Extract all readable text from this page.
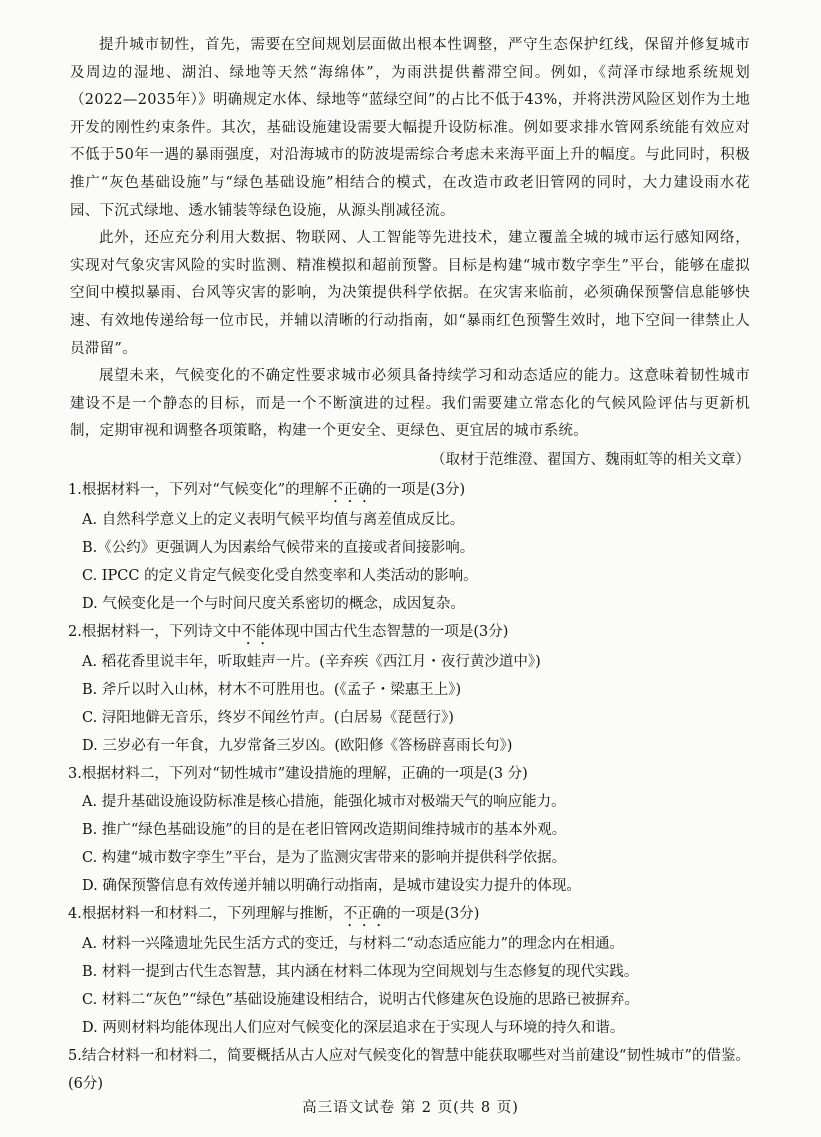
提升城市韧性，首先，需要在空间规划层面做出根本性调整，严守生态保护红线，保留并修复城市及周边的湿地、湖泊、绿地等天然“海绵体”，为雨洪提供蓄滞空间。例如，《菏泽市绿地系统规划（2022—2035年）》明确规定水体、绿地等“蓝绿空间”的占比不低于43%，并将洪涝风险区划作为土地开发的刚性约束条件。其次，基础设施建设需要大幅提升设防标准。例如要求排水管网系统能有效应对不低于50年一遇的暴雨强度，对沿海城市的防波堤需综合考虑未来海平面上升的幅度。与此同时，积极推广“灰色基础设施”与“绿色基础设施”相结合的模式，在改造市政老旧管网的同时，大力建设雨水花园、下沉式绿地、透水铺装等绿色设施，从源头削减径流。

此外，还应充分利用大数据、物联网、人工智能等先进技术，建立覆盖全城的城市运行感知网络，实现对气象灾害风险的实时监测、精准模拟和超前预警。目标是构建“城市数字孪生”平台，能够在虚拟空间中模拟暴雨、台风等灾害的影响，为决策提供科学依据。在灾害来临前，必须确保预警信息能够快速、有效地传递给每一位市民，并辅以清晰的行动指南，如“暴雨红色预警生效时，地下空间一律禁止人员滞留”。

展望未来，气候变化的不确定性要求城市必须具备持续学习和动态适应的能力。这意味着韧性城市建设不是一个静态的目标，而是一个不断演进的过程。我们需要建立常态化的气候风险评估与更新机制，定期审视和调整各项策略，构建一个更安全、更绿色、更宜居的城市系统。

（取材于范维澄、翟国方、魏雨虹等的相关文章）
1.根据材料一，下列对“气候变化”的理解不正确的一项是(3分)
A. 自然科学意义上的定义表明气候平均值与离差值成反比。
B.《公约》更强调人为因素给气候带来的直接或者间接影响。
C. IPCC 的定义肯定气候变化受自然变率和人类活动的影响。
D. 气候变化是一个与时间尺度关系密切的概念，成因复杂。
2.根据材料一，下列诗文中不能体现中国古代生态智慧的一项是(3分)
A. 稻花香里说丰年，听取蛙声一片。(辛弃疾《西江月・夜行黄沙道中》)
B. 斧斤以时入山林，材木不可胜用也。(《孟子・梁惠王上》)
C. 浔阳地僻无音乐，终岁不闻丝竹声。(白居易《琵琶行》)
D. 三岁必有一年食，九岁常备三岁凶。(欧阳修《答杨辟喜雨长句》)
3.根据材料二，下列对“韧性城市”建设措施的理解，正确的一项是(3 分)
A. 提升基础设施设防标准是核心措施，能强化城市对极端天气的响应能力。
B. 推广“绿色基础设施”的目的是在老旧管网改造期间维持城市的基本外观。
C. 构建“城市数字孪生”平台，是为了监测灾害带来的影响并提供科学依据。
D. 确保预警信息有效传递并辅以明确行动指南，是城市建设实力提升的体现。
4.根据材料一和材料二，下列理解与推断，不正确的一项是(3分)
A. 材料一兴隆遗址先民生活方式的变迁，与材料二“动态适应能力”的理念内在相通。
B. 材料一提到古代生态智慧，其内涵在材料二体现为空间规划与生态修复的现代实践。
C. 材料二“灰色”“绿色”基础设施建设相结合，说明古代修建灰色设施的思路已被摒弃。
D. 两则材料均能体现出人们应对气候变化的深层追求在于实现人与环境的持久和谐。
5.结合材料一和材料二，简要概括从古人应对气候变化的智慧中能获取哪些对当前建设“韧性城市”的借鉴。(6分)
高三语文试卷 第 2 页(共 8 页)
